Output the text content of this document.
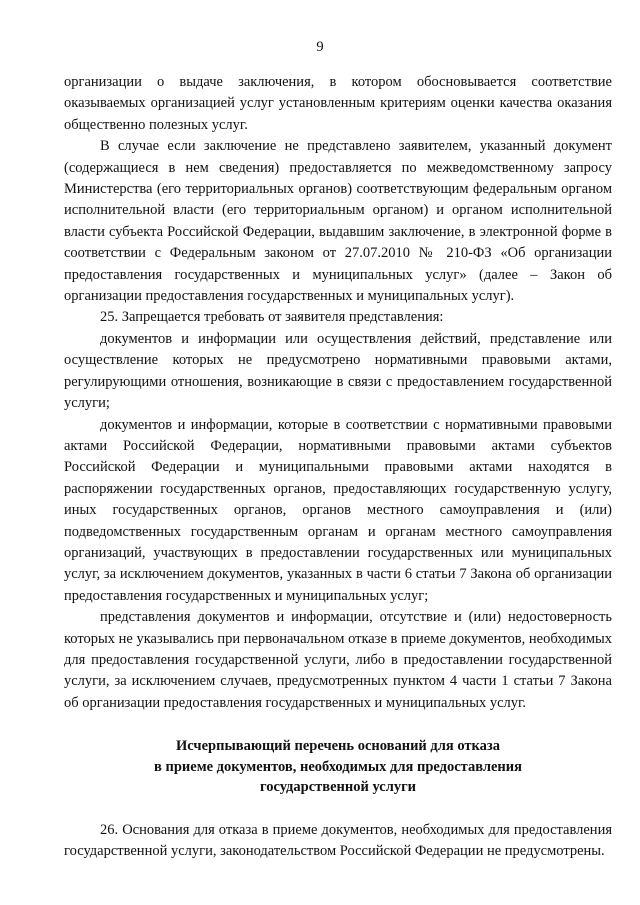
9

организации о выдаче заключения, в котором обосновывается соответствие оказываемых организацией услуг установленным критериям оценки качества оказания общественно полезных услуг.

В случае если заключение не представлено заявителем, указанный документ (содержащиеся в нем сведения) предоставляется по межведомственному запросу Министерства (его территориальных органов) соответствующим федеральным органом исполнительной власти (его территориальным органом) и органом исполнительной власти субъекта Российской Федерации, выдавшим заключение, в электронной форме в соответствии с Федеральным законом от 27.07.2010 № 210-ФЗ «Об организации предоставления государственных и муниципальных услуг» (далее – Закон об организации предоставления государственных и муниципальных услуг).

25. Запрещается требовать от заявителя представления:

документов и информации или осуществления действий, представление или осуществление которых не предусмотрено нормативными правовыми актами, регулирующими отношения, возникающие в связи с предоставлением государственной услуги;

документов и информации, которые в соответствии с нормативными правовыми актами Российской Федерации, нормативными правовыми актами субъектов Российской Федерации и муниципальными правовыми актами находятся в распоряжении государственных органов, предоставляющих государственную услугу, иных государственных органов, органов местного самоуправления и (или) подведомственных государственным органам и органам местного самоуправления организаций, участвующих в предоставлении государственных или муниципальных услуг, за исключением документов, указанных в части 6 статьи 7 Закона об организации предоставления государственных и муниципальных услуг;

представления документов и информации, отсутствие и (или) недостоверность которых не указывались при первоначальном отказе в приеме документов, необходимых для предоставления государственной услуги, либо в предоставлении государственной услуги, за исключением случаев, предусмотренных пунктом 4 части 1 статьи 7 Закона об организации предоставления государственных и муниципальных услуг.

Исчерпывающий перечень оснований для отказа
в приеме документов, необходимых для предоставления
государственной услуги

26. Основания для отказа в приеме документов, необходимых для предоставления государственной услуги, законодательством Российской Федерации не предусмотрены.
